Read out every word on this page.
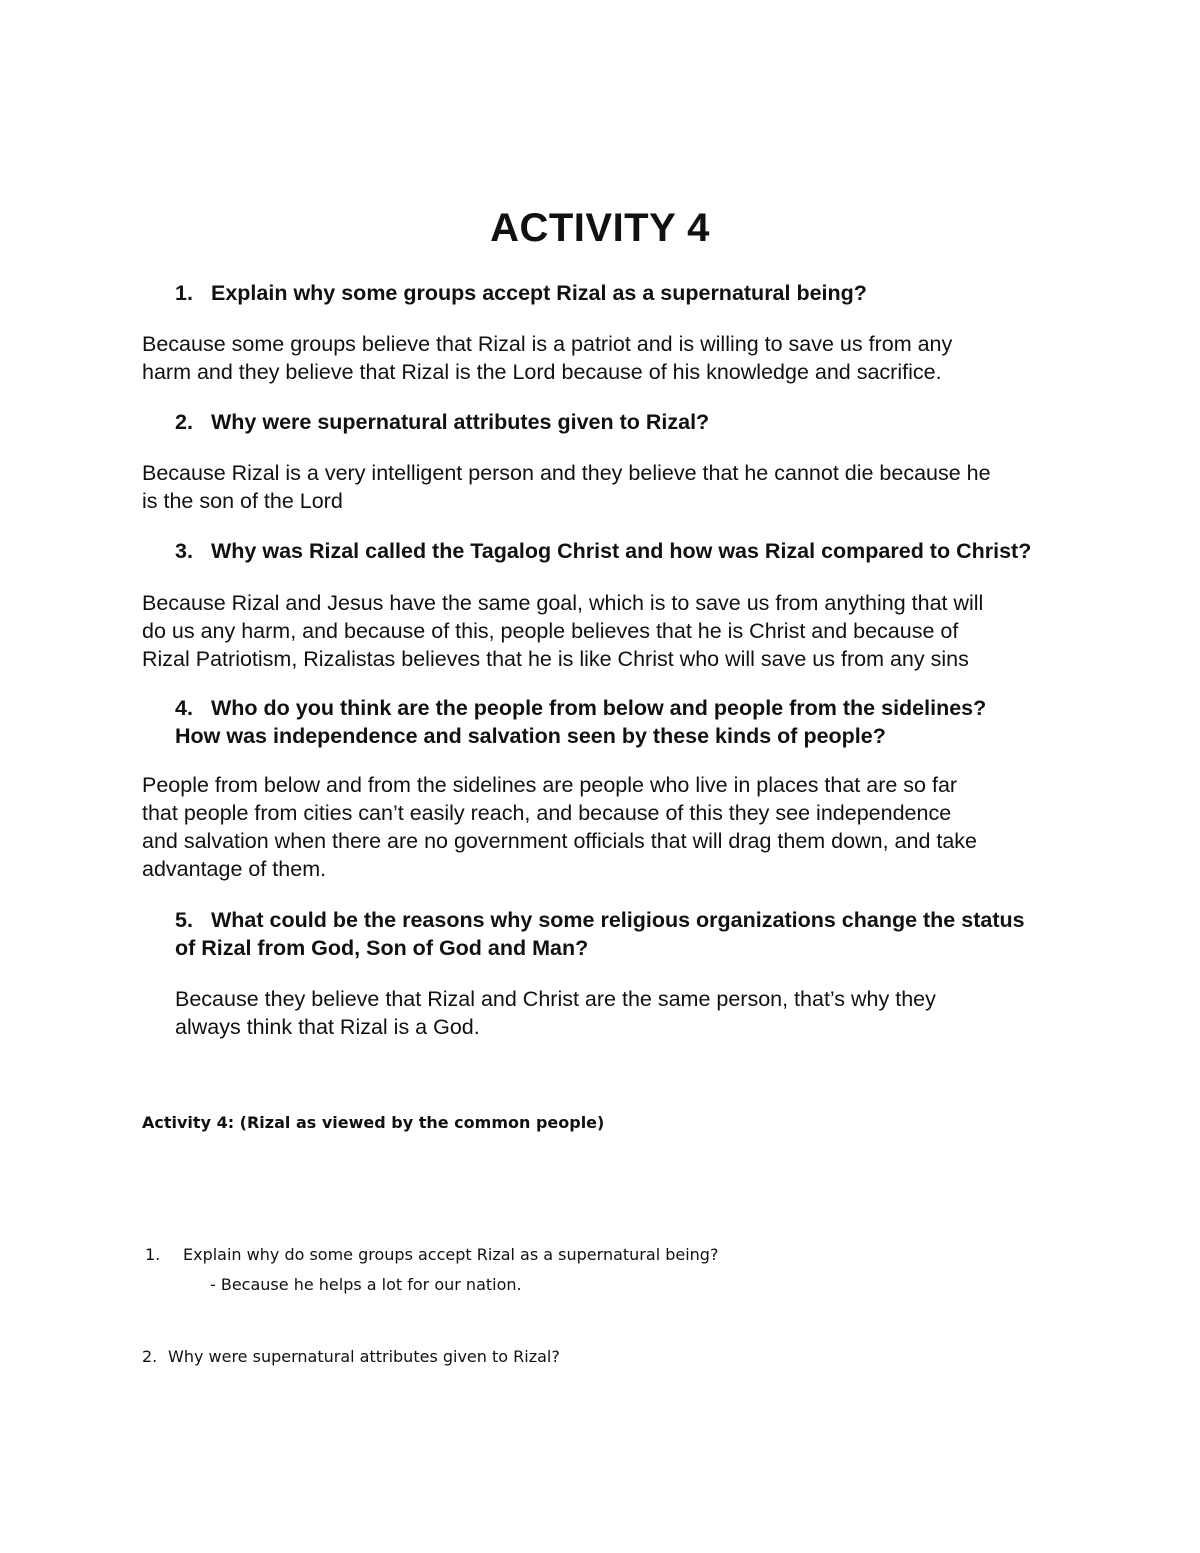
ACTIVITY 4
1. Explain why some groups accept Rizal as a supernatural being?
Because some groups believe that Rizal is a patriot and is willing to save us from any
harm and they believe that Rizal is the Lord because of his knowledge and sacrifice.
2. Why were supernatural attributes given to Rizal?
Because Rizal is a very intelligent person and they believe that he cannot die because he
is the son of the Lord
3. Why was Rizal called the Tagalog Christ and how was Rizal compared to Christ?
Because Rizal and Jesus have the same goal, which is to save us from anything that will
do us any harm, and because of this, people believes that he is Christ and because of
Rizal Patriotism, Rizalistas believes that he is like Christ who will save us from any sins
4. Who do you think are the people from below and people from the sidelines?
How was independence and salvation seen by these kinds of people?
People from below and from the sidelines are people who live in places that are so far
that people from cities can’t easily reach, and because of this they see independence
and salvation when there are no government officials that will drag them down, and take
advantage of them.
5. What could be the reasons why some religious organizations change the status
of Rizal from God, Son of God and Man?
Because they believe that Rizal and Christ are the same person, that’s why they
always think that Rizal is a God.
Activity 4: (Rizal as viewed by the common people)
1. Explain why do some groups accept Rizal as a supernatural being?
- Because he helps a lot for our nation.
2. Why were supernatural attributes given to Rizal?
